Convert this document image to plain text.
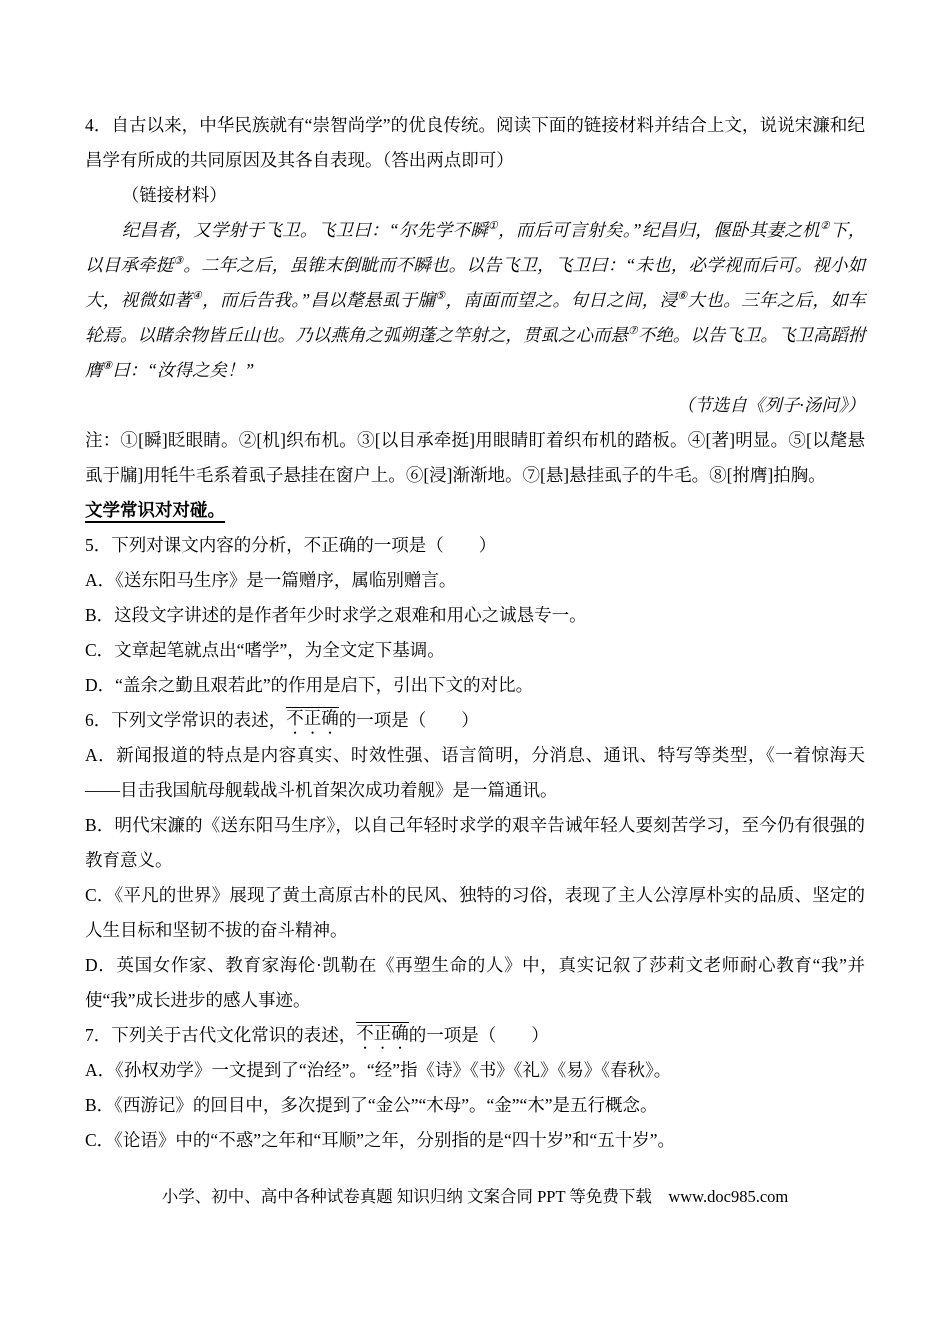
4．自古以来，中华民族就有“崇智尚学”的优良传统。阅读下面的链接材料并结合上文，说说宋濂和纪昌学有所成的共同原因及其各自表现。（答出两点即可）

（链接材料）

纪昌者，又学射于飞卫。飞卫曰：“尔先学不瞬①，而后可言射矣。”纪昌归，偃卧其妻之机②下，以目承牵挺③。二年之后，虽锥末倒眦而不瞬也。以告飞卫，飞卫曰：“未也，必学视而后可。视小如大，视微如著④，而后告我。”昌以氂悬虱于牖⑤，南面而望之。旬日之间，浸⑥大也。三年之后，如车轮焉。以睹余物皆丘山也。乃以燕角之弧朔蓬之竿射之，贯虱之心而悬⑦不绝。以告飞卫。飞卫高蹈拊膺⑧曰：“汝得之矣！”

（节选自《列子·汤问》）

注：①[瞬]眨眼睛。②[机]织布机。③[以目承牵挺]用眼睛盯着织布机的踏板。④[著]明显。⑤[以氂悬虱于牖]用牦牛毛系着虱子悬挂在窗户上。⑥[浸]渐渐地。⑦[悬]悬挂虱子的牛毛。⑧[拊膺]拍胸。

文学常识对对碰。

5．下列对课文内容的分析，不正确的一项是（　　）

A．《送东阳马生序》是一篇赠序，属临别赠言。

B．这段文字讲述的是作者年少时求学之艰难和用心之诚恳专一。

C．文章起笔就点出“嗜学”，为全文定下基调。

D．“盖余之勤且艰若此”的作用是启下，引出下文的对比。

6．下列文学常识的表述，不正确的一项是（　　）

A．新闻报道的特点是内容真实、时效性强、语言简明，分消息、通讯、特写等类型，《一着惊海天——目击我国航母舰载战斗机首架次成功着舰》是一篇通讯。

B．明代宋濂的《送东阳马生序》，以自己年轻时求学的艰辛告诫年轻人要刻苦学习，至今仍有很强的教育意义。

C．《平凡的世界》展现了黄土高原古朴的民风、独特的习俗，表现了主人公淳厚朴实的品质、坚定的人生目标和坚韧不拔的奋斗精神。

D．英国女作家、教育家海伦·凯勒在《再塑生命的人》中，真实记叙了莎莉文老师耐心教育“我”并使“我”成长进步的感人事迹。

7．下列关于古代文化常识的表述，不正确的一项是（　　）

A．《孙权劝学》一文提到了“治经”。“经”指《诗》《书》《礼》《易》《春秋》。

B．《西游记》的回目中，多次提到了“金公”“木母”。“金”“木”是五行概念。

C．《论语》中的“不惑”之年和“耳顺”之年，分别指的是“四十岁”和“五十岁”。

小学、初中、高中各种试卷真题 知识归纳 文案合同 PPT 等免费下载　www.doc985.com
